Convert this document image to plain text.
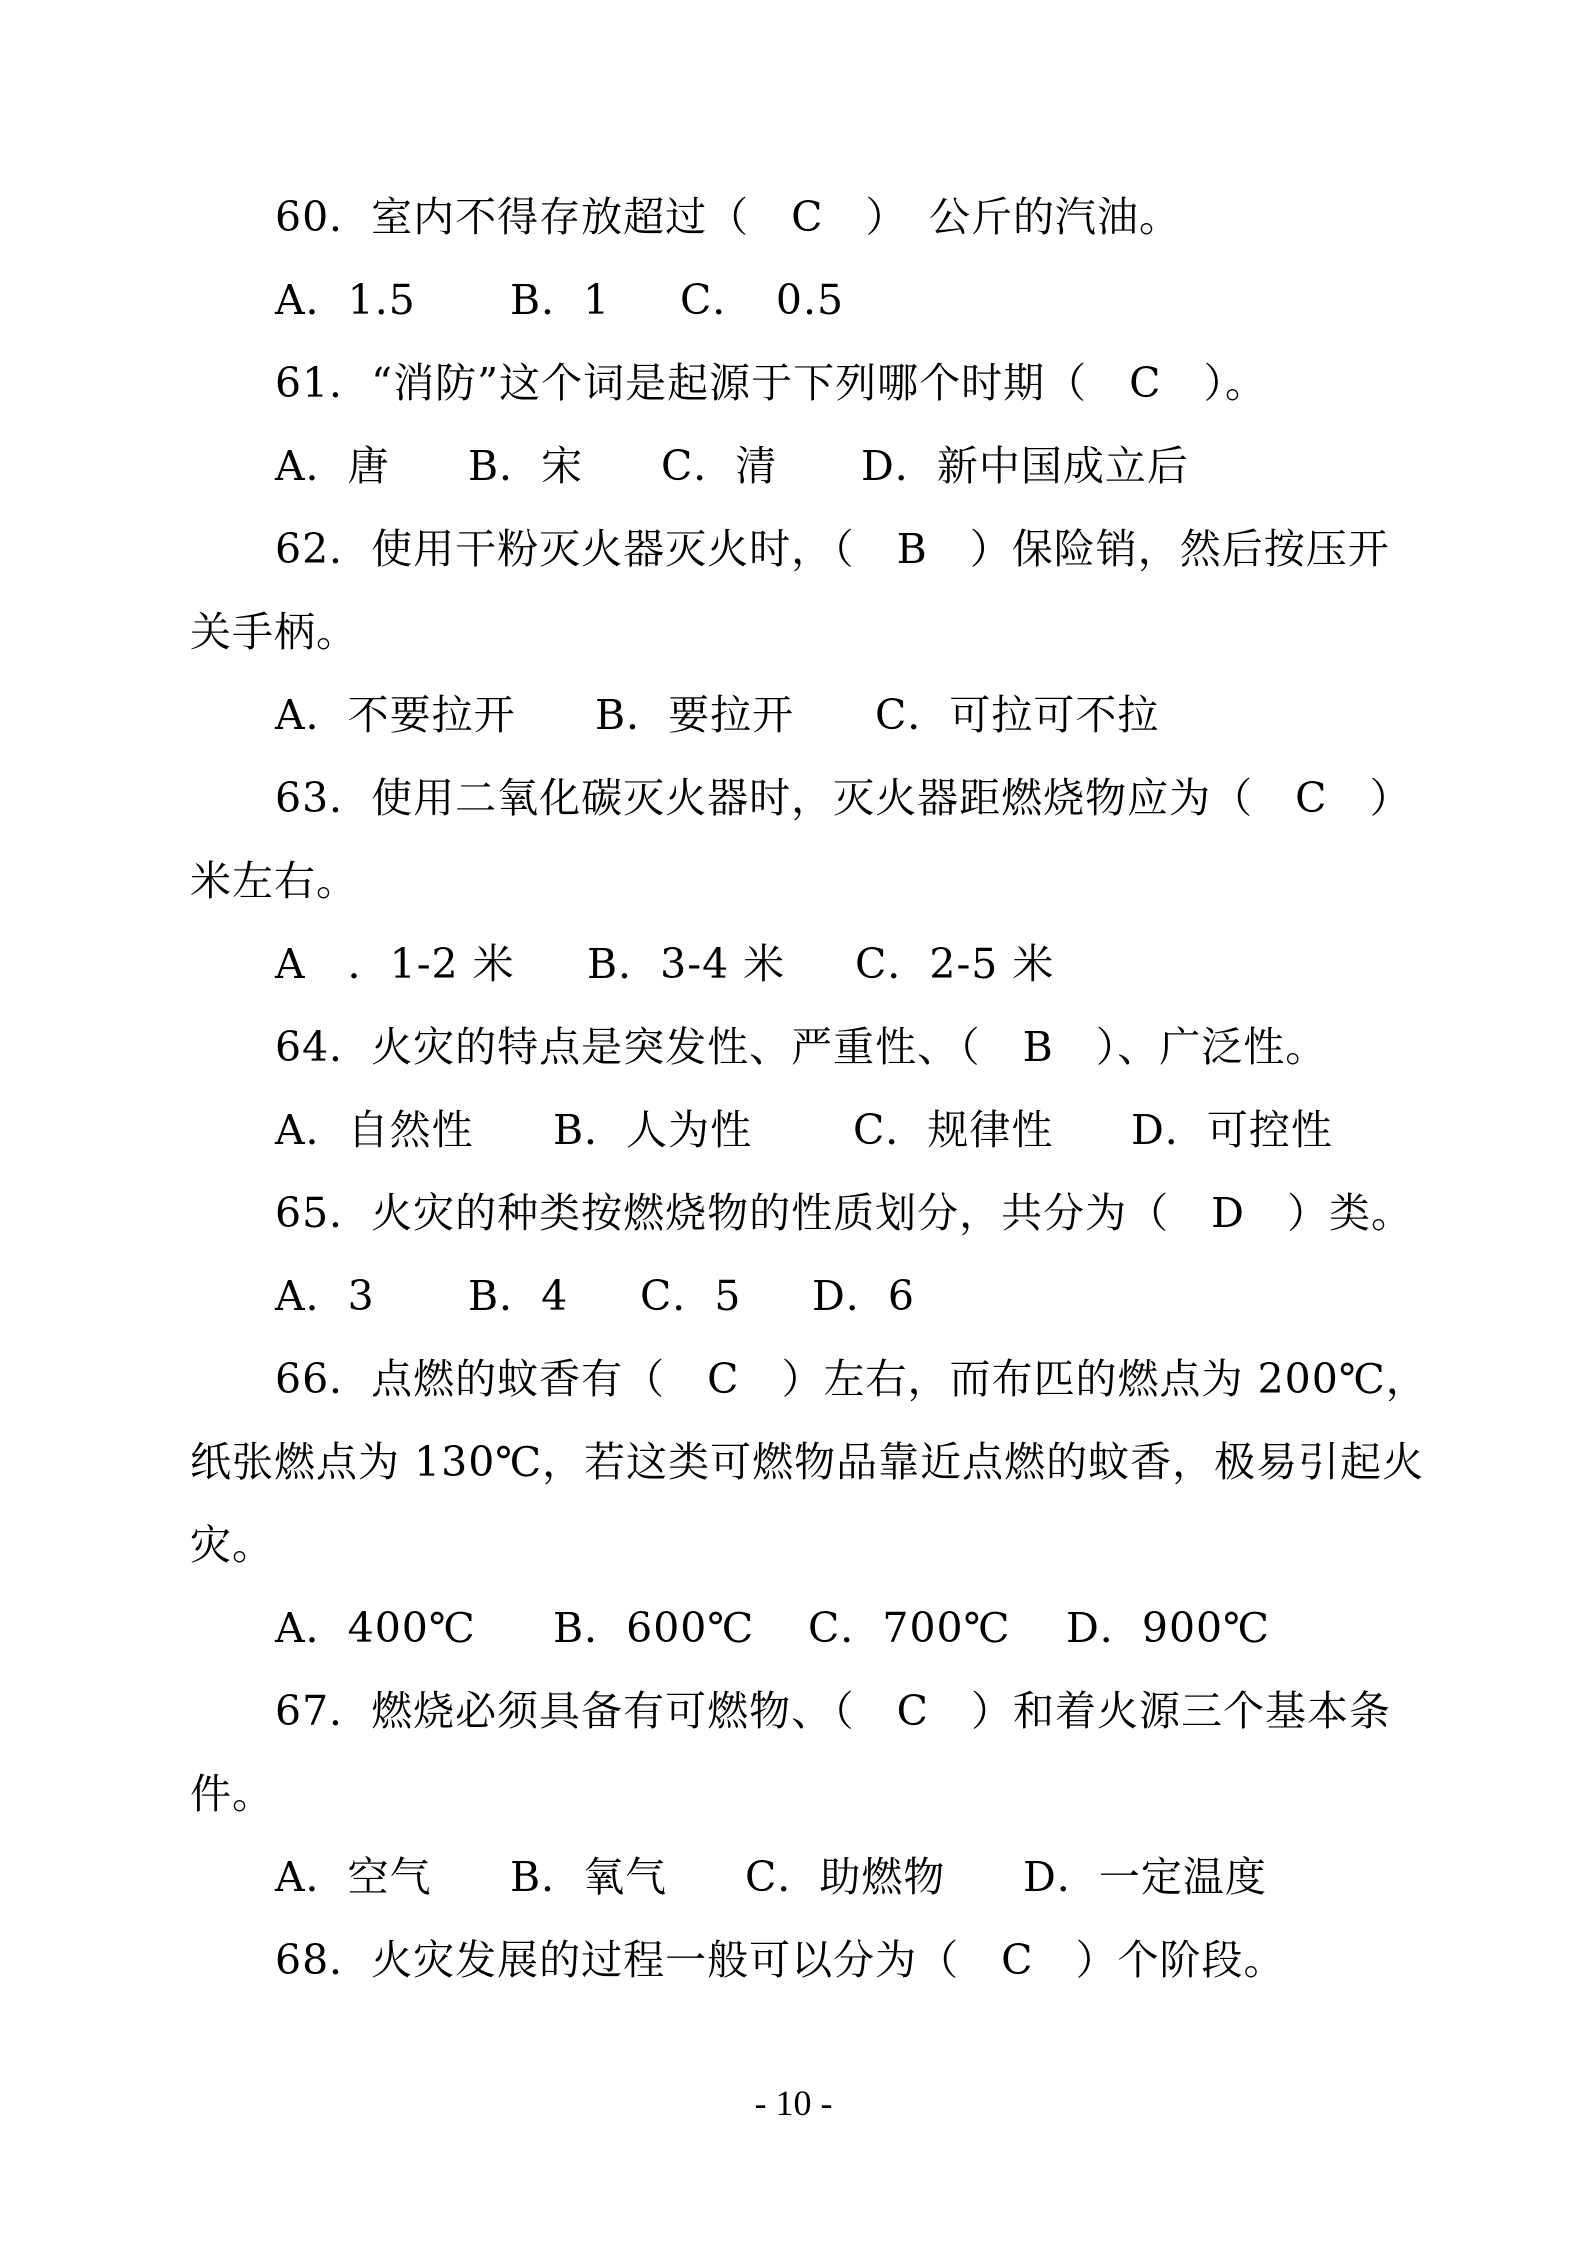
60．室内不得存放超过（　C　）　公斤的汽油。
A．1.5	B．1	C．　0.5
61．“消防”这个词是起源于下列哪个时期（　C　）。
A．唐	B．宋	C．清	D．新中国成立后
62．使用干粉灭火器灭火时，（　B　）保险销，然后按压开
关手柄。
A．不要拉开	B．要拉开	C．可拉可不拉
63．使用二氧化碳灭火器时，灭火器距燃烧物应为（　C　）
米左右。
A　．1-2 米	B．3-4 米	C．2-5 米
64．火灾的特点是突发性、严重性、（　B　）、广泛性。
A．自然性	B．人为性	C．规律性	D．可控性
65．火灾的种类按燃烧物的性质划分，共分为（　D　）类。
A．3	B．4	C．5	D．6
66．点燃的蚊香有（　C　）左右，而布匹的燃点为 200℃，
纸张燃点为 130℃，若这类可燃物品靠近点燃的蚊香，极易引起火
灾。
A．400℃	B．600℃	C．700℃	D．900℃
67．燃烧必须具备有可燃物、（　C　）和着火源三个基本条
件。
A．空气	B．氧气	C．助燃物	D．一定温度
68．火灾发展的过程一般可以分为（　C　）个阶段。
- 10 -
